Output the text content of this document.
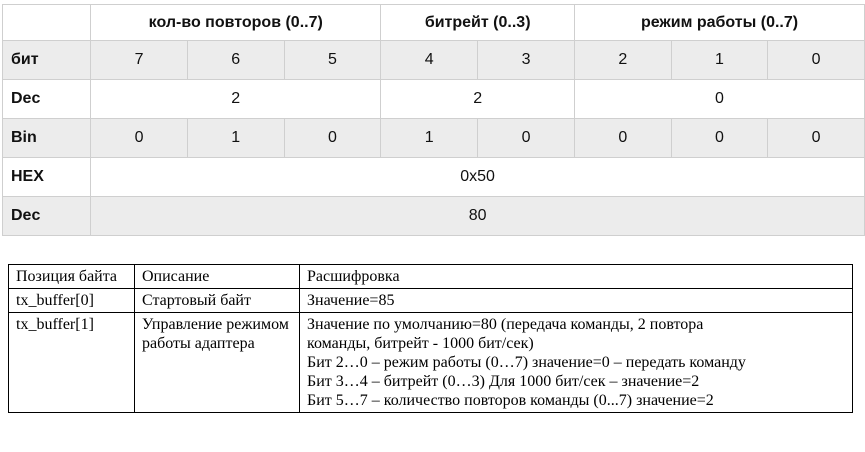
	кол-во повторов (0..7)			битрейт (0..3)		режим работы (0..7)		
бит	7	6	5	4	3	2	1	0
Dec	2			2		0		
Bin	0	1	0	1	0	0	0	0
HEX	0x50							
Dec	80							
Позиция байта	Описание	Расшифровка
tx_buffer[0]	Стартовый байт	Значение=85

tx_buffer[1]	Управление режимом работы адаптера	Значение по умолчанию=80 (передача команды, 2 повтора
команды, битрейт - 1000 бит/сек)
Бит 2…0 – режим работы (0…7) значение=0 – передать команду
Бит 3…4 – битрейт (0…3) Для 1000 бит/сек – значение=2
Бит 5…7 – количество повторов команды (0...7) значение=2
